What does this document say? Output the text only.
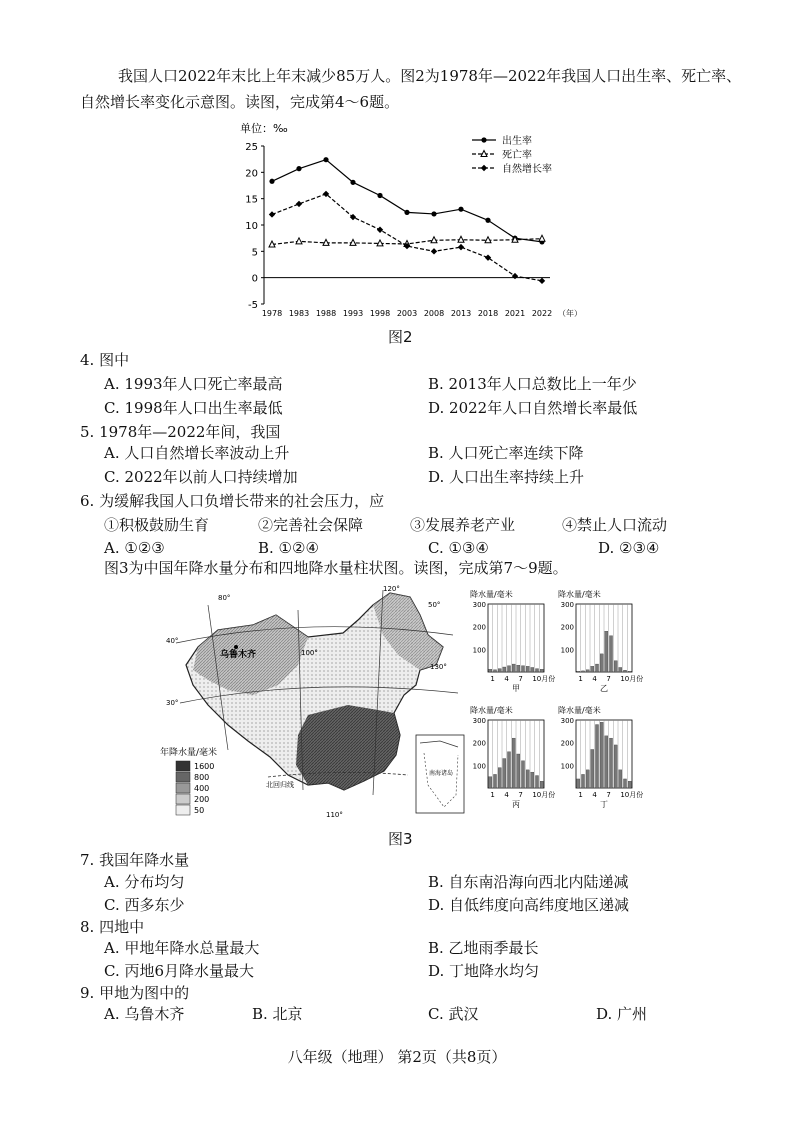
我国人口2022年末比上年末减少85万人。图2为1978年—2022年我国人口出生率、死亡率、
自然增长率变化示意图。读图，完成第4～6题。
单位：‰
-5
0
5
10
15
20
25
1978 1983 1988 1993 1998 2003 2008 2013 2018 2021 2022 （年）
出生率
死亡率
自然增长率
图2
4. 图中
A. 1993年人口死亡率最高	B. 2013年人口总数比上一年少
C. 1998年人口出生率最低	D. 2022年人口自然增长率最低
5. 1978年—2022年间，我国
A. 人口自然增长率波动上升	B. 人口死亡率连续下降
C. 2022年以前人口持续增加	D. 人口出生率持续上升
6. 为缓解我国人口负增长带来的社会压力，应
①积极鼓励生育	②完善社会保障	③发展养老产业	④禁止人口流动
A. ①②③	B. ①②④	C. ①③④	D. ②③④
图3为中国年降水量分布和四地降水量柱状图。读图，完成第7～9题。
50°
40°
30°
80°
100°
120°
130°
110°
乌鲁木齐
北回归线
年降水量/毫米
1600
800
400
200
50
南海诸岛
降水量/毫米
300
200
100
1 4 7 10月份
甲
降水量/毫米
300
200
100
1 4 7 10月份
乙
降水量/毫米
300
200
100
1 4 7 10月份
丙
降水量/毫米
300
200
100
1 4 7 10月份
丁
图3
7. 我国年降水量
A. 分布均匀	B. 自东南沿海向西北内陆递减
C. 西多东少	D. 自低纬度向高纬度地区递减
8. 四地中
A. 甲地年降水总量最大	B. 乙地雨季最长
C. 丙地6月降水量最大	D. 丁地降水均匀
9. 甲地为图中的
A. 乌鲁木齐	B. 北京	C. 武汉	D. 广州
八年级（地理） 第2页（共8页）
